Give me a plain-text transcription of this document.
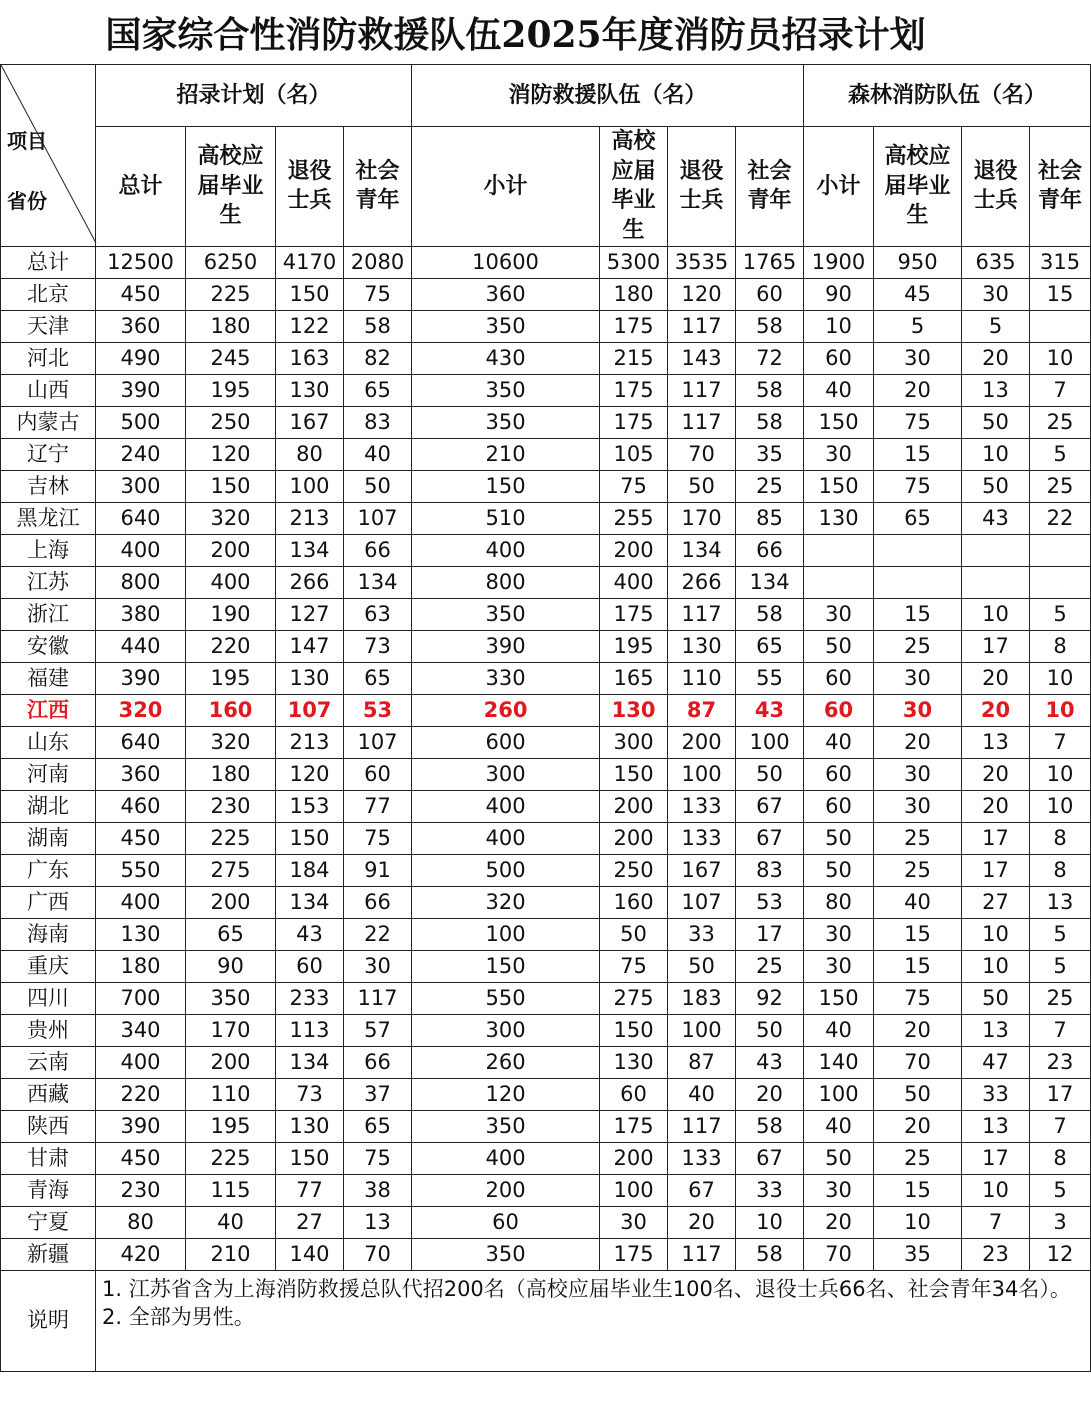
国家综合性消防救援队伍2025年度消防员招录计划
项目
省份	招录计划（名）				消防救援队伍（名）				森林消防队伍（名）			
	总计	高校应届毕业生	退役士兵	社会青年	小计	高校应届毕业生	退役士兵	社会青年	小计	高校应届毕业生	退役士兵	社会青年
总计	12500	6250	4170	2080	10600	5300	3535	1765	1900	950	635	315
北京	450	225	150	75	360	180	120	60	90	45	30	15
天津	360	180	122	58	350	175	117	58	10	5	5	
河北	490	245	163	82	430	215	143	72	60	30	20	10
山西	390	195	130	65	350	175	117	58	40	20	13	7
内蒙古	500	250	167	83	350	175	117	58	150	75	50	25
辽宁	240	120	80	40	210	105	70	35	30	15	10	5
吉林	300	150	100	50	150	75	50	25	150	75	50	25
黑龙江	640	320	213	107	510	255	170	85	130	65	43	22
上海	400	200	134	66	400	200	134	66				
江苏	800	400	266	134	800	400	266	134				
浙江	380	190	127	63	350	175	117	58	30	15	10	5
安徽	440	220	147	73	390	195	130	65	50	25	17	8
福建	390	195	130	65	330	165	110	55	60	30	20	10
江西	320	160	107	53	260	130	87	43	60	30	20	10
山东	640	320	213	107	600	300	200	100	40	20	13	7
河南	360	180	120	60	300	150	100	50	60	30	20	10
湖北	460	230	153	77	400	200	133	67	60	30	20	10
湖南	450	225	150	75	400	200	133	67	50	25	17	8
广东	550	275	184	91	500	250	167	83	50	25	17	8
广西	400	200	134	66	320	160	107	53	80	40	27	13
海南	130	65	43	22	100	50	33	17	30	15	10	5
重庆	180	90	60	30	150	75	50	25	30	15	10	5
四川	700	350	233	117	550	275	183	92	150	75	50	25
贵州	340	170	113	57	300	150	100	50	40	20	13	7
云南	400	200	134	66	260	130	87	43	140	70	47	23
西藏	220	110	73	37	120	60	40	20	100	50	33	17
陕西	390	195	130	65	350	175	117	58	40	20	13	7
甘肃	450	225	150	75	400	200	133	67	50	25	17	8
青海	230	115	77	38	200	100	67	33	30	15	10	5
宁夏	80	40	27	13	60	30	20	10	20	10	7	3
新疆	420	210	140	70	350	175	117	58	70	35	23	12
说明	1. 江苏省含为上海消防救援总队代招200名（高校应届毕业生100名、退役士兵66名、社会青年34名）。
2. 全部为男性。											
